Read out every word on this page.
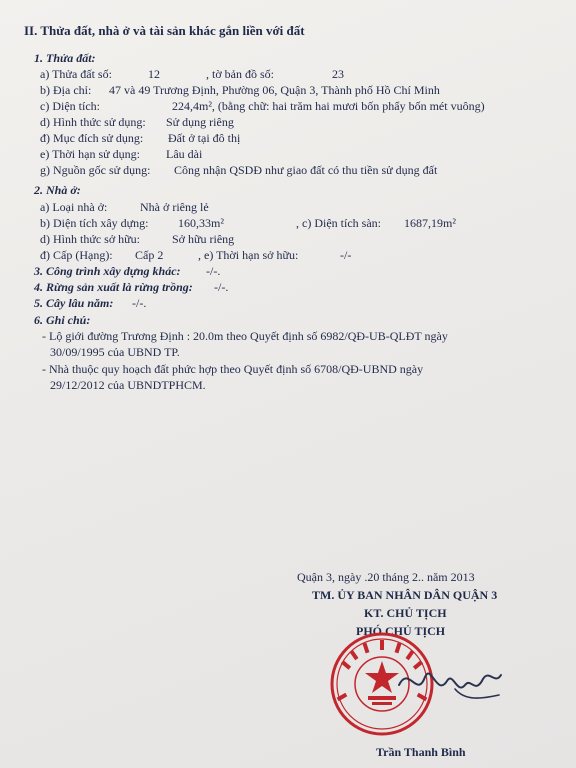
II. Thửa đất, nhà ở và tài sản khác gắn liền với đất
1. Thửa đất:
a) Thửa đất số:	12	, tờ bản đồ số:	23
b) Địa chỉ: 47 và 49 Trương Định, Phường 06, Quận 3, Thành phố Hồ Chí Minh
c) Diện tích:	224,4m², (bằng chữ: hai trăm hai mươi bốn phẩy bốn mét vuông)
d) Hình thức sử dụng: Sử dụng riêng
đ) Mục đích sử dụng: Đất ở tại đô thị
e) Thời hạn sử dụng: Lâu dài
g) Nguồn gốc sử dụng: Công nhận QSDĐ như giao đất có thu tiền sử dụng đất
2. Nhà ở:
a) Loại nhà ở:	Nhà ở riêng lẻ
b) Diện tích xây dựng: 160,33m²	, c) Diện tích sàn: 1687,19m²
d) Hình thức sở hữu:	Sở hữu riêng
đ) Cấp (Hạng): Cấp 2	, e) Thời hạn sở hữu:	-/-
3. Công trình xây dựng khác: -/-.
4. Rừng sản xuất là rừng trồng: -/-.
5. Cây lâu năm: -/-.
6. Ghi chú:
- Lộ giới đường Trương Định : 20.0m theo Quyết định số 6982/QĐ-UB-QLĐT ngày
30/09/1995 của UBND TP.
- Nhà thuộc quy hoạch đất phức hợp theo Quyết định số 6708/QĐ-UBND ngày
29/12/2012 của UBNDTPHCM.
Quận 3, ngày .20 tháng 2.. năm 2013
TM. ỦY BAN NHÂN DÂN QUẬN 3
KT. CHỦ TỊCH
PHÓ CHỦ TỊCH
Trần Thanh Bình
